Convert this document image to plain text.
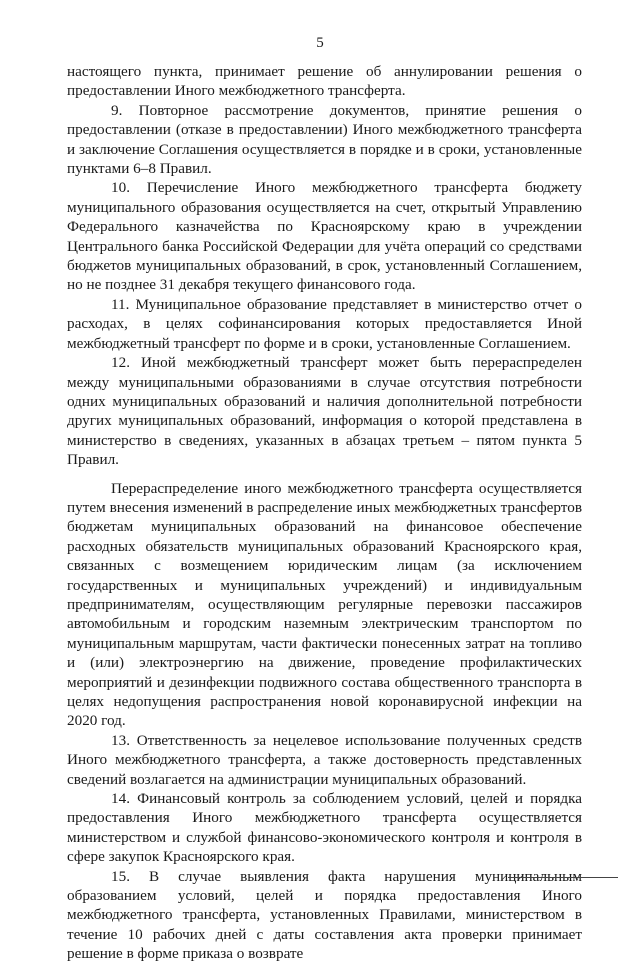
5

настоящего пункта, принимает решение об аннулировании решения о предоставлении Иного межбюджетного трансферта.

9. Повторное рассмотрение документов, принятие решения о предоставлении (отказе в предоставлении) Иного межбюджетного трансферта и заключение Соглашения осуществляется в порядке и в сроки, установленные пунктами 6–8 Правил.

10. Перечисление Иного межбюджетного трансферта бюджету муниципального образования осуществляется на счет, открытый Управлению Федерального казначейства по Красноярскому краю в учреждении Центрального банка Российской Федерации для учёта операций со средствами бюджетов муниципальных образований, в срок, установленный Соглашением, но не позднее 31 декабря текущего финансового года.

11. Муниципальное образование представляет в министерство отчет о расходах, в целях софинансирования которых предоставляется Иной межбюджетный трансферт по форме и в сроки, установленные Соглашением.

12. Иной межбюджетный трансферт может быть перераспределен между муниципальными образованиями в случае отсутствия потребности одних муниципальных образований и наличия дополнительной потребности других муниципальных образований, информация о которой представлена в министерство в сведениях, указанных в абзацах третьем – пятом пункта 5 Правил.

Перераспределение иного межбюджетного трансферта осуществляется путем внесения изменений в распределение иных межбюджетных трансфертов бюджетам муниципальных образований на финансовое обеспечение расходных обязательств муниципальных образований Красноярского края, связанных с возмещением юридическим лицам (за исключением государственных и муниципальных учреждений) и индивидуальным предпринимателям, осуществляющим регулярные перевозки пассажиров автомобильным и городским наземным электрическим транспортом по муниципальным маршрутам, части фактически понесенных затрат на топливо и (или) электроэнергию на движение, проведение профилактических мероприятий и дезинфекции подвижного состава общественного транспорта в целях недопущения распространения новой коронавирусной инфекции на 2020 год.

13. Ответственность за нецелевое использование полученных средств Иного межбюджетного трансферта, а также достоверность представленных сведений возлагается на администрации муниципальных образований.

14. Финансовый контроль за соблюдением условий, целей и порядка предоставления Иного межбюджетного трансферта осуществляется министерством и службой финансово-экономического контроля и контроля в сфере закупок Красноярского края.

15. В случае выявления факта нарушения муниципальным образованием условий, целей и порядка предоставления Иного межбюджетного трансферта, установленных Правилами, министерством в течение 10 рабочих дней с даты составления акта проверки принимает решение в форме приказа о возврате
